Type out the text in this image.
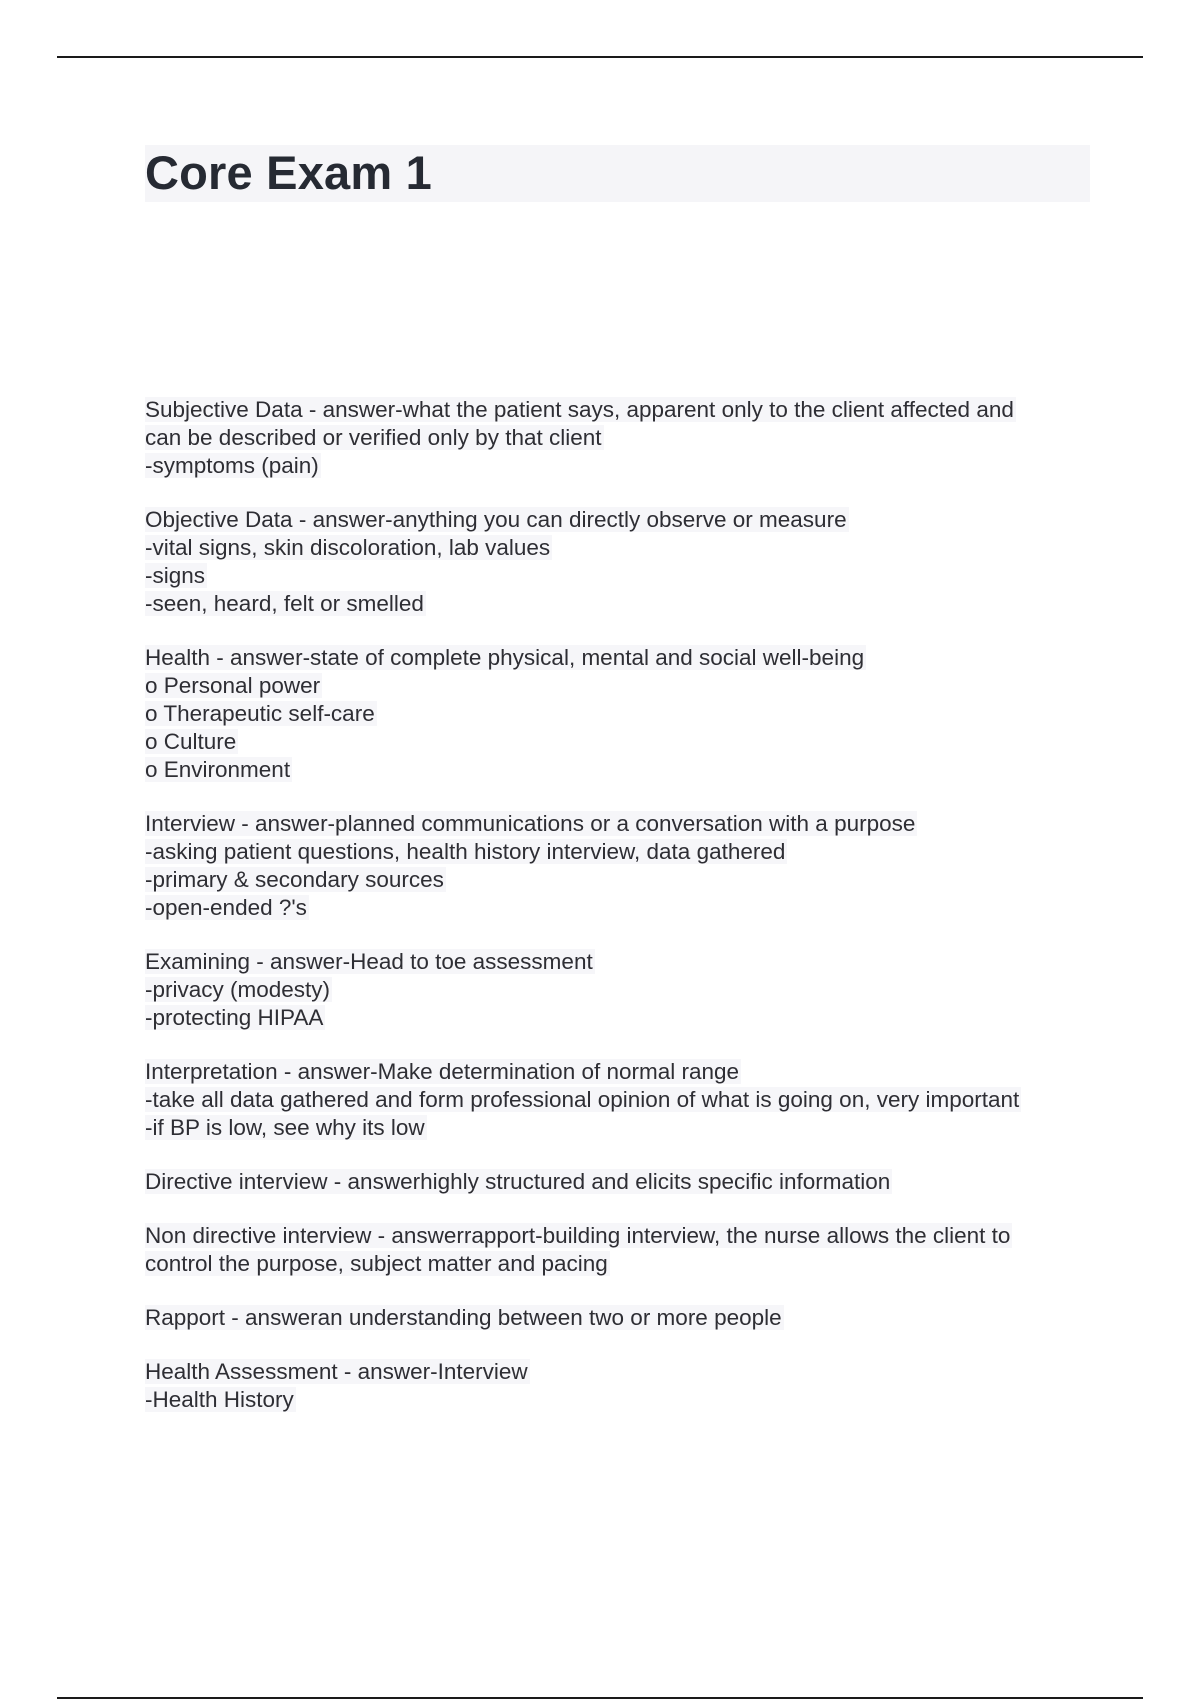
Core Exam 1
Subjective Data - answer-what the patient says, apparent only to the client affected and
can be described or verified only by that client
-symptoms (pain)
Objective Data - answer-anything you can directly observe or measure
-vital signs, skin discoloration, lab values
-signs
-seen, heard, felt or smelled
Health - answer-state of complete physical, mental and social well-being
o Personal power
o Therapeutic self-care
o Culture
o Environment
Interview - answer-planned communications or a conversation with a purpose
-asking patient questions, health history interview, data gathered
-primary & secondary sources
-open-ended ?'s
Examining - answer-Head to toe assessment
-privacy (modesty)
-protecting HIPAA
Interpretation - answer-Make determination of normal range
-take all data gathered and form professional opinion of what is going on, very important
-if BP is low, see why its low
Directive interview - answerhighly structured and elicits specific information
Non directive interview - answerrapport-building interview, the nurse allows the client to
control the purpose, subject matter and pacing
Rapport - answeran understanding between two or more people
Health Assessment - answer-Interview
-Health History
